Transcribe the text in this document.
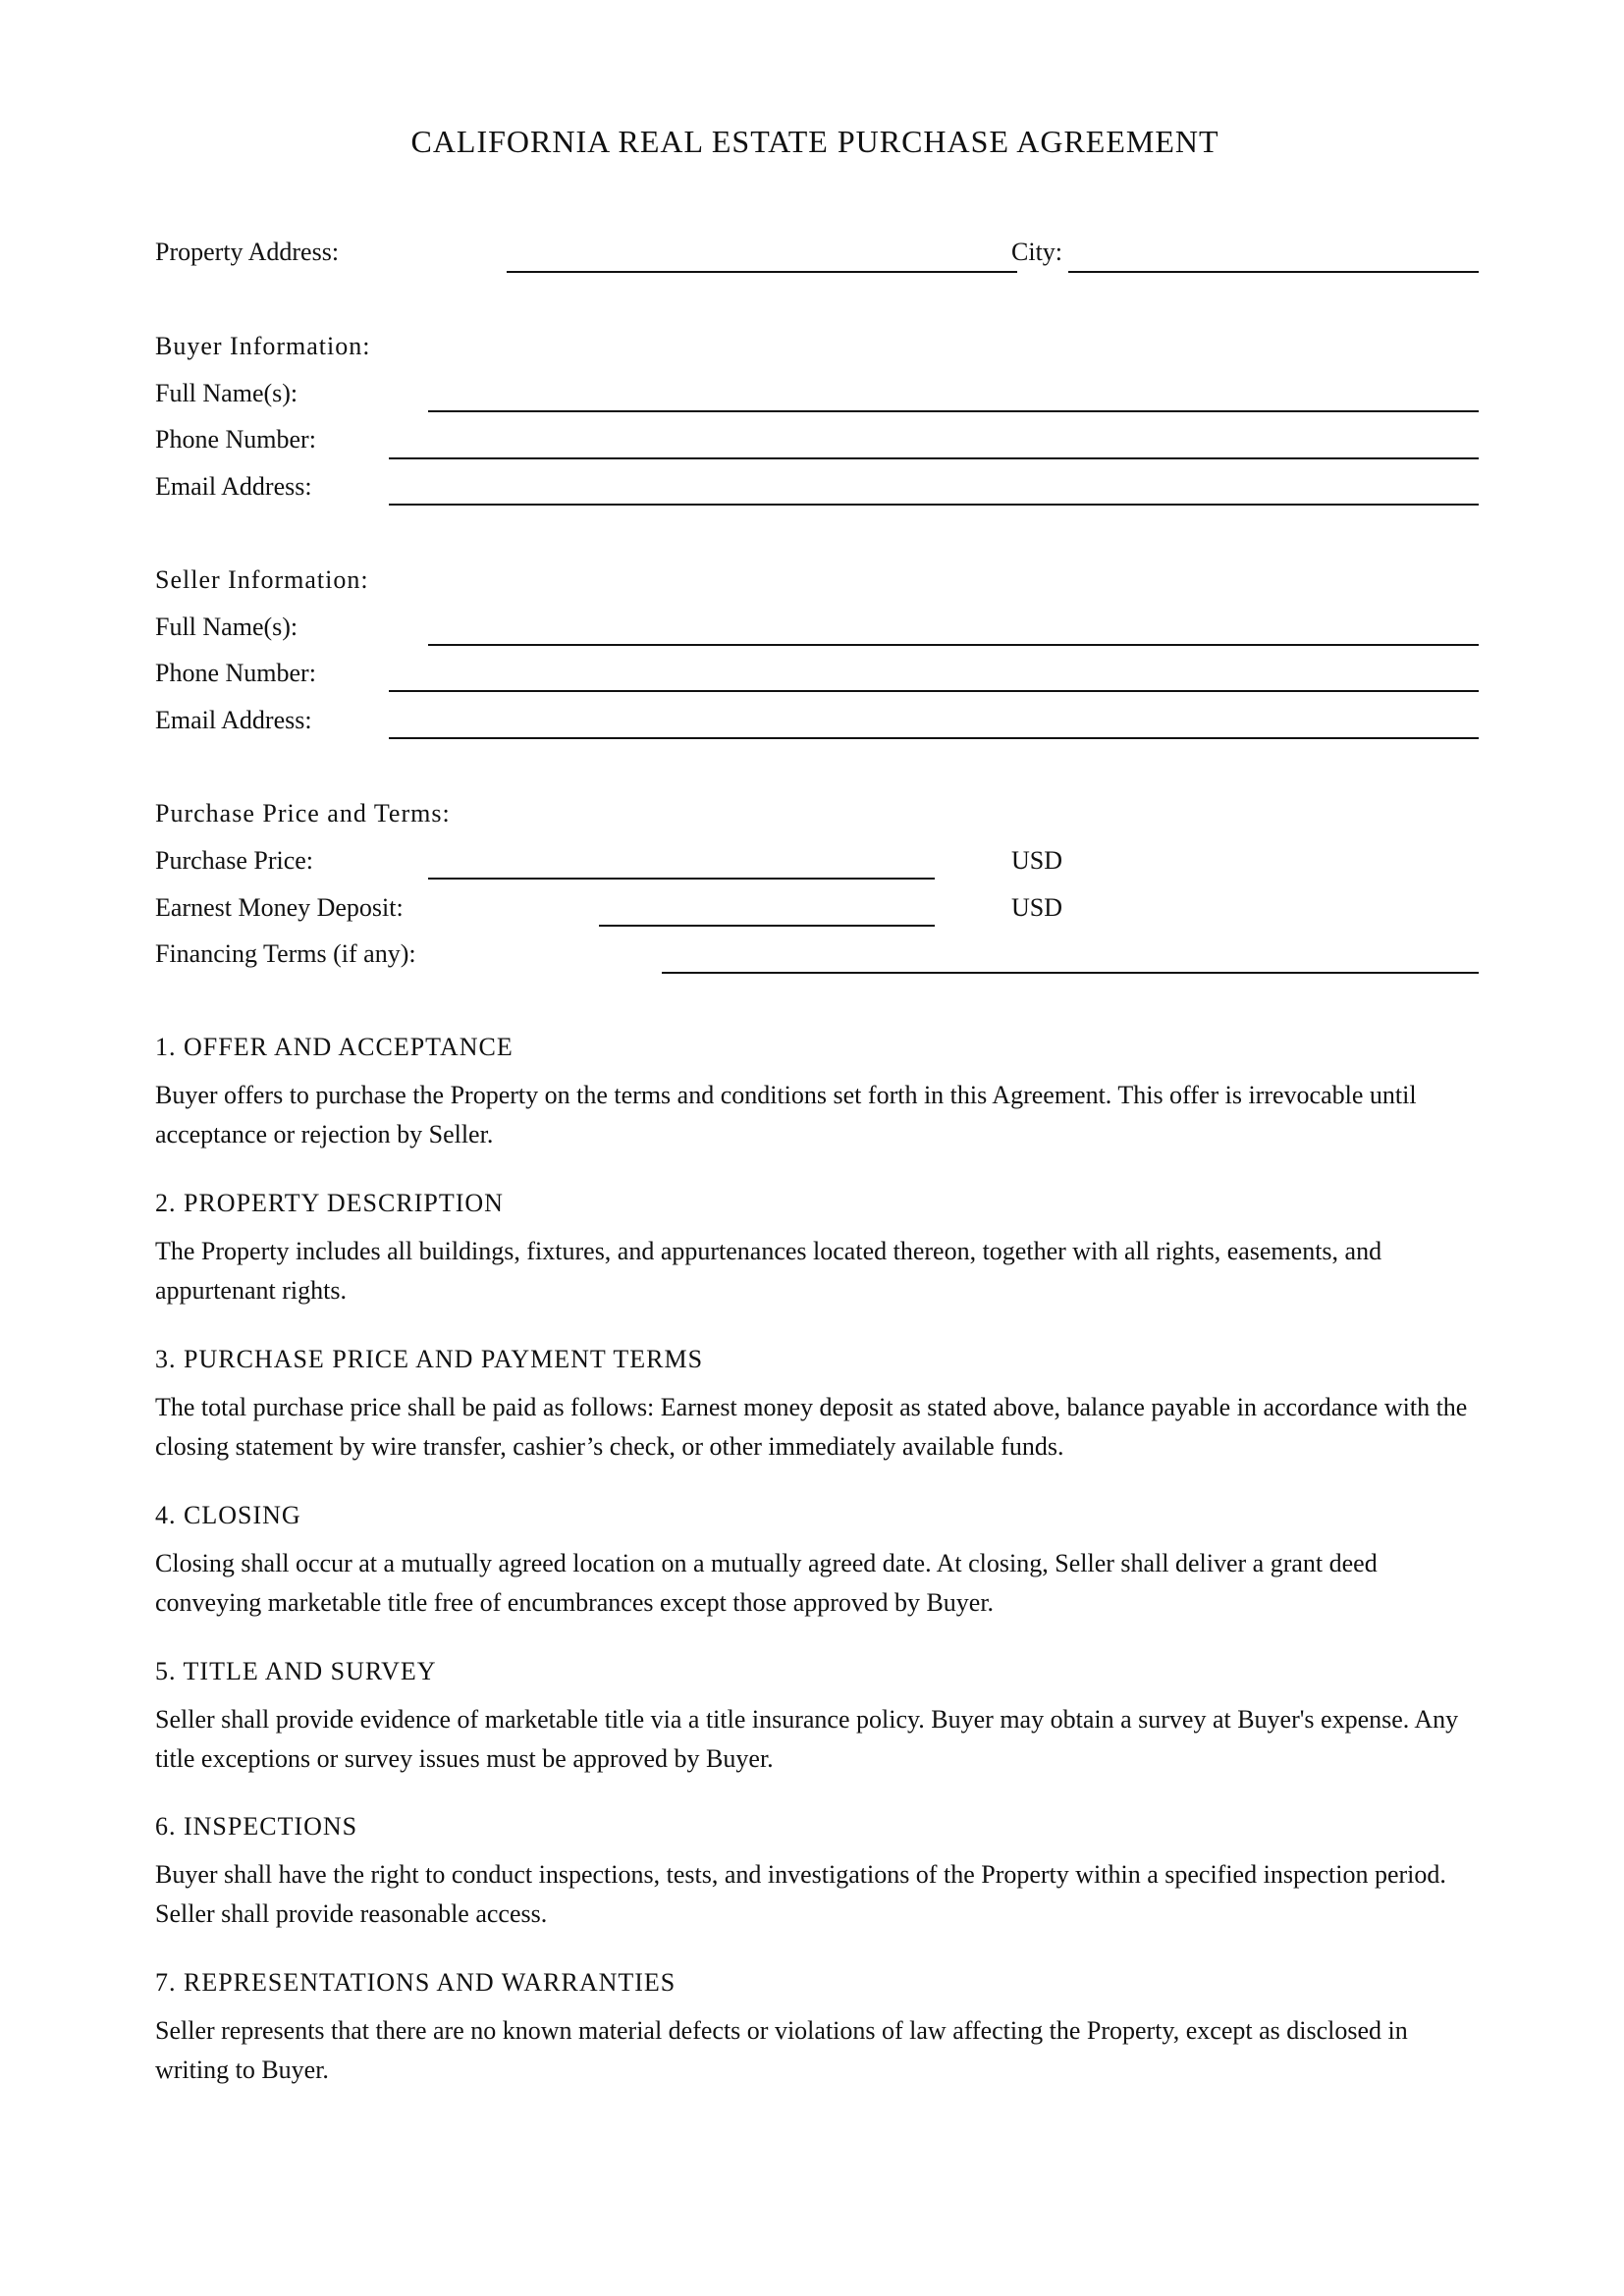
CALIFORNIA REAL ESTATE PURCHASE AGREEMENT
Property Address:	City:
Buyer Information:
Full Name(s):
Phone Number:
Email Address:
Seller Information:
Full Name(s):
Phone Number:
Email Address:
Purchase Price and Terms:
Purchase Price:	USD
Earnest Money Deposit:	USD
Financing Terms (if any):
1. OFFER AND ACCEPTANCE
Buyer offers to purchase the Property on the terms and conditions set forth in this Agreement. This offer is irrevocable until acceptance or rejection by Seller.
2. PROPERTY DESCRIPTION
The Property includes all buildings, fixtures, and appurtenances located thereon, together with all rights, easements, and appurtenant rights.
3. PURCHASE PRICE AND PAYMENT TERMS
The total purchase price shall be paid as follows: Earnest money deposit as stated above, balance payable in accordance with the closing statement by wire transfer, cashier’s check, or other immediately available funds.
4. CLOSING
Closing shall occur at a mutually agreed location on a mutually agreed date. At closing, Seller shall deliver a grant deed conveying marketable title free of encumbrances except those approved by Buyer.
5. TITLE AND SURVEY
Seller shall provide evidence of marketable title via a title insurance policy. Buyer may obtain a survey at Buyer's expense. Any title exceptions or survey issues must be approved by Buyer.
6. INSPECTIONS
Buyer shall have the right to conduct inspections, tests, and investigations of the Property within a specified inspection period. Seller shall provide reasonable access.
7. REPRESENTATIONS AND WARRANTIES
Seller represents that there are no known material defects or violations of law affecting the Property, except as disclosed in writing to Buyer.
